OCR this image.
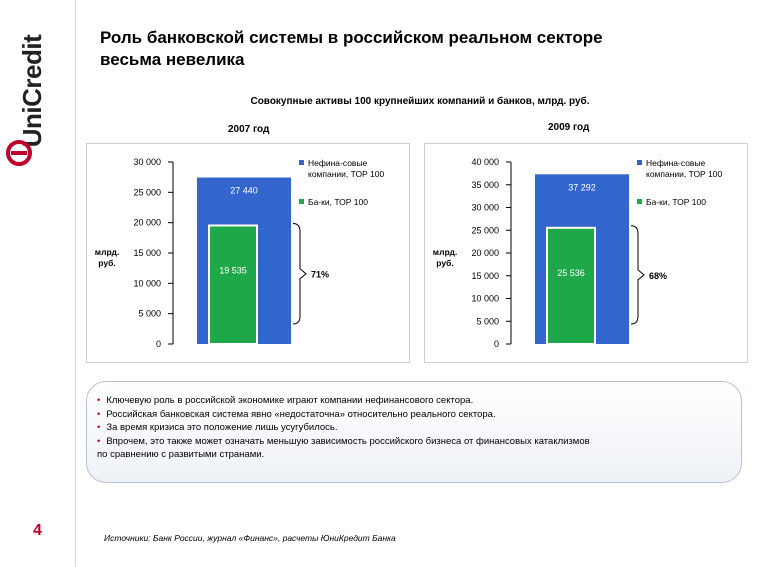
UniCredit
4
Роль банковской системы в российском реальном секторе
весьма невелика
Совокупные активы 100 крупнейших компаний и банков, млрд. руб.
2007 год	2009 год
30 000
25 000
20 000
15 000
10 000
5 000
0
млрд.
руб.
27 440
19 535	71%
Нефина-совые
компании, ТОР 100
Ба-ки, ТОР 100
40 000
35 000
30 000
25 000
20 000
15 000
10 000
5 000
0
млрд.
руб.
37 292
25 536	68%
Нефина-совые
компании, ТОР 100
Ба-ки, ТОР 100
• Ключевую роль в российской экономике играют компании нефинансового сектора.
• Российская банковская система явно «недостаточна» относительно реального сектора.
• За время кризиса это положение лишь усугубилось.
• Впрочем, это также может означать меньшую зависимость российского бизнеса от финансовых катаклизмов
по сравнению с развитыми странами.
Источники: Банк России, журнал «Финанс», расчеты ЮниКредит Банка
